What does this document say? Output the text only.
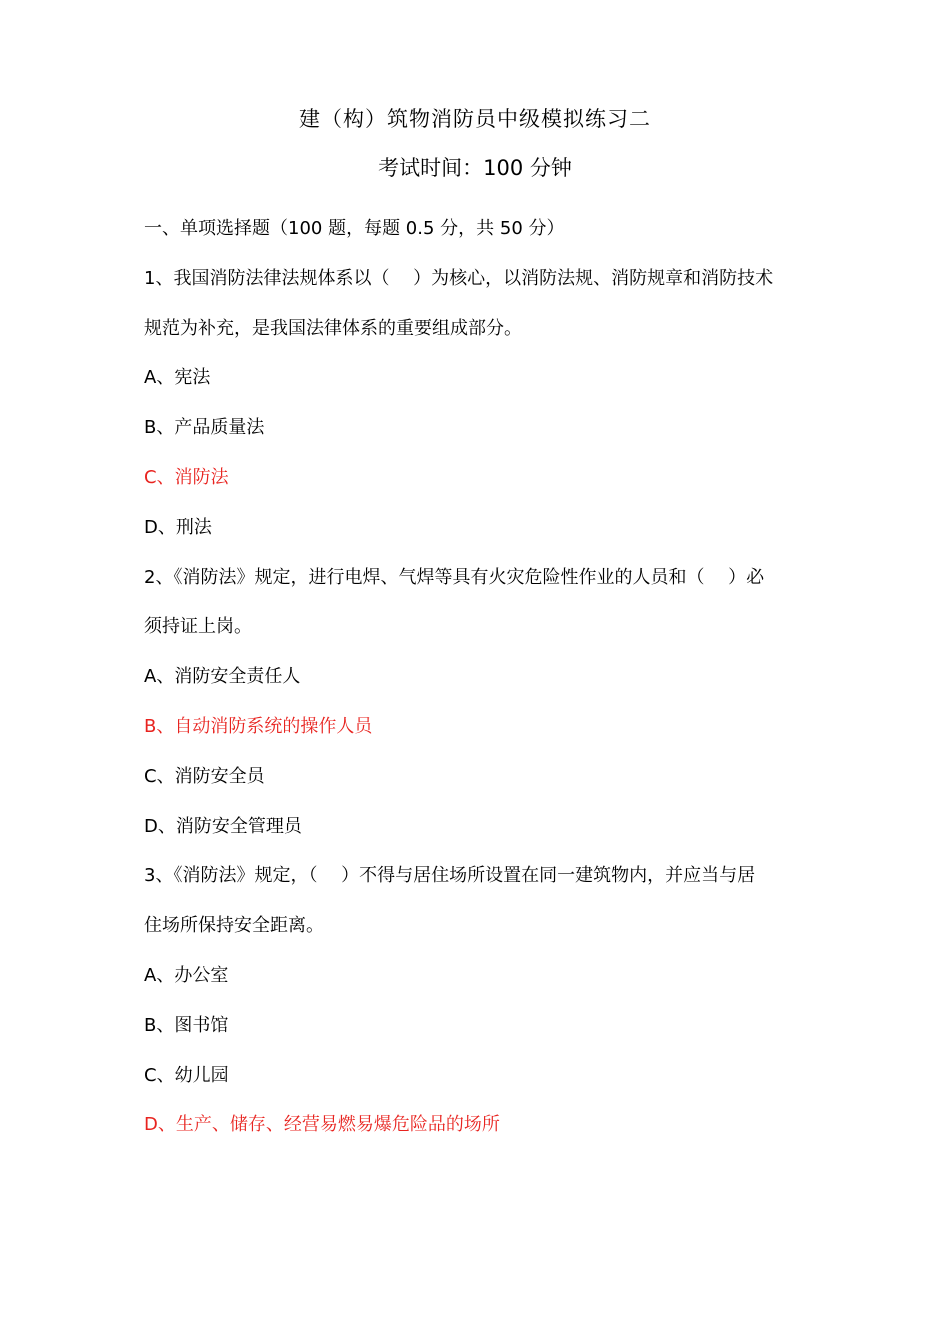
建（构）筑物消防员中级模拟练习二
考试时间：100 分钟
一、单项选择题（100 题，每题 0.5 分，共 50 分）
1、我国消防法律法规体系以（　 ）为核心，以消防法规、消防规章和消防技术
规范为补充，是我国法律体系的重要组成部分。
A、宪法
B、产品质量法
C、消防法
D、刑法
2、《消防法》规定，进行电焊、气焊等具有火灾危险性作业的人员和（　 ）必
须持证上岗。
A、消防安全责任人
B、自动消防系统的操作人员
C、消防安全员
D、消防安全管理员
3、《消防法》规定，（　 ）不得与居住场所设置在同一建筑物内，并应当与居
住场所保持安全距离。
A、办公室
B、图书馆
C、幼儿园
D、生产、储存、经营易燃易爆危险品的场所
